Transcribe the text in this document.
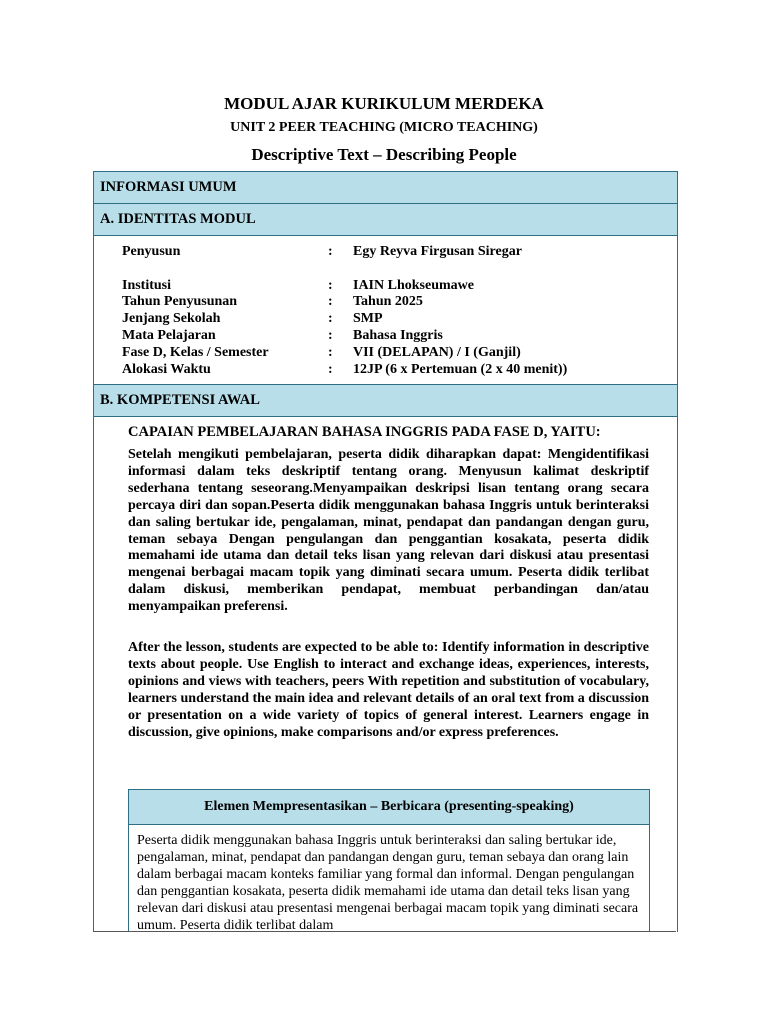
MODUL AJAR KURIKULUM MERDEKA
UNIT 2 PEER TEACHING (MICRO TEACHING)
Descriptive Text – Describing People
INFORMASI UMUM
A. IDENTITAS MODUL
Penyusun	: Egy Reyva Firgusan Siregar
Institusi	: IAIN Lhokseumawe
Tahun Penyusunan	: Tahun 2025
Jenjang Sekolah	: SMP
Mata Pelajaran	: Bahasa Inggris
Fase D, Kelas / Semester	: VII (DELAPAN) / I (Ganjil)
Alokasi Waktu	: 12JP (6 x Pertemuan (2 x 40 menit))
B. KOMPETENSI AWAL
CAPAIAN PEMBELAJARAN BAHASA INGGRIS PADA FASE D, YAITU:

Setelah mengikuti pembelajaran, peserta didik diharapkan dapat: Mengidentifikasi informasi dalam teks deskriptif tentang orang. Menyusun kalimat deskriptif sederhana tentang seseorang.Menyampaikan deskripsi lisan tentang orang secara percaya diri dan sopan.Peserta didik menggunakan bahasa Inggris untuk berinteraksi dan saling bertukar ide, pengalaman, minat, pendapat dan pandangan dengan guru, teman sebaya Dengan pengulangan dan penggantian kosakata, peserta didik memahami ide utama dan detail teks lisan yang relevan dari diskusi atau presentasi mengenai berbagai macam topik yang diminati secara umum. Peserta didik terlibat dalam diskusi, memberikan pendapat, membuat perbandingan dan/atau menyampaikan preferensi.

After the lesson, students are expected to be able to: Identify information in descriptive texts about people. Use English to interact and exchange ideas, experiences, interests, opinions and views with teachers, peers With repetition and substitution of vocabulary, learners understand the main idea and relevant details of an oral text from a discussion or presentation on a wide variety of topics of general interest. Learners engage in discussion, give opinions, make comparisons and/or express preferences.

Elemen Mempresentasikan – Berbicara (presenting-speaking)

Peserta didik menggunakan bahasa Inggris untuk berinteraksi dan saling bertukar ide, pengalaman, minat, pendapat dan pandangan dengan guru, teman sebaya dan orang lain dalam berbagai macam konteks familiar yang formal dan informal. Dengan pengulangan dan penggantian kosakata, peserta didik memahami ide utama dan detail teks lisan yang relevan dari diskusi atau presentasi mengenai berbagai macam topik yang diminati secara umum. Peserta didik terlibat dalam
